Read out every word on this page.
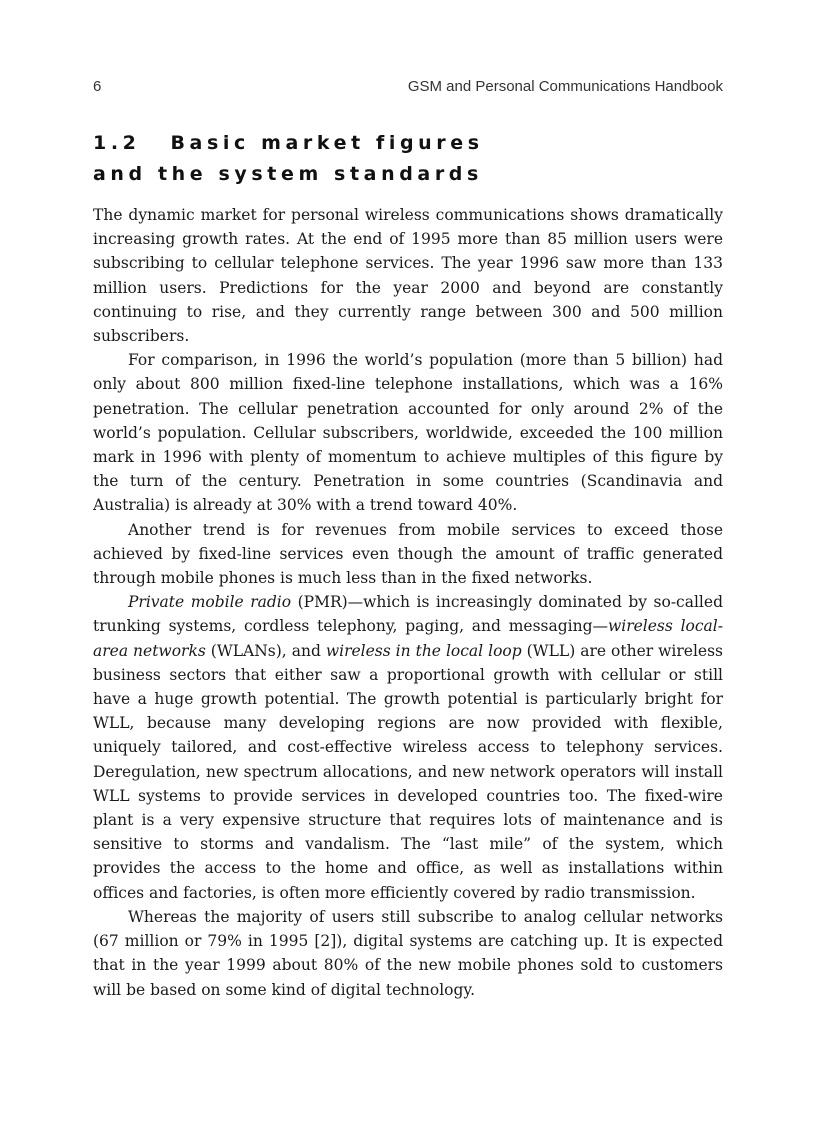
6	GSM and Personal Communications Handbook
1.2 Basic market figures
and the system standards

The dynamic market for personal wireless communications shows dramatically increasing growth rates. At the end of 1995 more than 85 million users were subscribing to cellular telephone services. The year 1996 saw more than 133 million users. Predictions for the year 2000 and beyond are constantly continuing to rise, and they currently range between 300 and 500 million subscribers.

For comparison, in 1996 the world’s population (more than 5 billion) had only about 800 million fixed-line telephone installations, which was a 16% penetration. The cellular penetration accounted for only around 2% of the world’s population. Cellular subscribers, worldwide, exceeded the 100 million mark in 1996 with plenty of momentum to achieve multiples of this figure by the turn of the century. Penetration in some countries (Scandinavia and Australia) is already at 30% with a trend toward 40%.

Another trend is for revenues from mobile services to exceed those achieved by fixed-line services even though the amount of traffic generated through mobile phones is much less than in the fixed networks.

Private mobile radio (PMR)—which is increasingly dominated by so-called trunking systems, cordless telephony, paging, and messaging—wireless local-area networks (WLANs), and wireless in the local loop (WLL) are other wireless business sectors that either saw a proportional growth with cellular or still have a huge growth potential. The growth potential is particularly bright for WLL, because many developing regions are now provided with flexible, uniquely tailored, and cost-effective wireless access to telephony services. Deregulation, new spectrum allocations, and new network operators will install WLL systems to provide services in developed countries too. The fixed-wire plant is a very expensive structure that requires lots of maintenance and is sensitive to storms and vandalism. The “last mile” of the system, which provides the access to the home and office, as well as installations within offices and factories, is often more efficiently covered by radio transmission.

Whereas the majority of users still subscribe to analog cellular networks (67 million or 79% in 1995 [2]), digital systems are catching up. It is expected that in the year 1999 about 80% of the new mobile phones sold to customers will be based on some kind of digital technology.
